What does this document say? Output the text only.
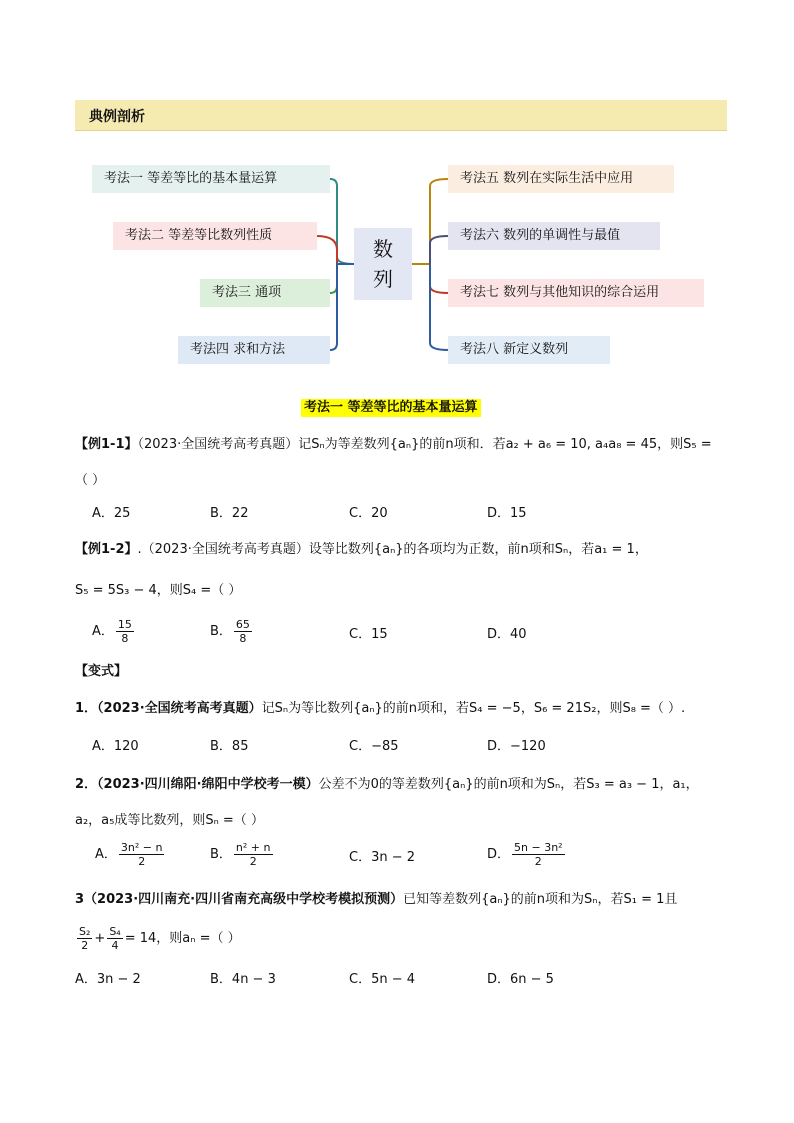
典例剖析
考法一 等差等比的基本量运算
考法二 等差等比数列性质
考法三 通项
考法四 求和方法
考法五 数列在实际生活中应用
考法六 数列的单调性与最值
考法七 数列与其他知识的综合运用
考法八 新定义数列
数
列
考法一 等差等比的基本量运算
【例1-1】（2023·全国统考高考真题）记Sₙ为等差数列{aₙ}的前n项和．若a₂ + a₆ = 10, a₄a₈ = 45，则S₅ =
（ ）
A．25	B．22	C．20	D．15
【例1-2】.（2023·全国统考高考真题）设等比数列{aₙ}的各项均为正数，前n项和Sₙ，若a₁ = 1，
S₅ = 5S₃ − 4，则S₄ =（ ）
A． $\frac{15}{8}$	B． $\frac{65}{8}$	C．15	D．40
【变式】
1．（2023·全国统考高考真题）记Sₙ为等比数列{aₙ}的前n项和，若S₄ = −5，S₆ = 21S₂，则S₈ =（ ）.
A．120	B．85	C．−85	D．−120
2．（2023·四川绵阳·绵阳中学校考一模）公差不为0的等差数列{aₙ}的前n项和为Sₙ，若S₃ = a₃ − 1，a₁，
a₂，a₅成等比数列，则Sₙ =（ ）
A． $\frac{\text{3n² − n}}{2}$	B． $\frac{\text{n² + n}}{2}$	C．3n − 2	D． $\frac{\text{5n − 3n²}}{2}$
3（2023·四川南充·四川省南充高级中学校考模拟预测）已知等差数列{aₙ}的前n项和为Sₙ，若S₁ = 1且
$\frac{\text{S₂}}{2} + \frac{\text{S₄}}{4} = 14$，则aₙ =（ ）
A．3n − 2	B．4n − 3	C．5n − 4	D．6n − 5
